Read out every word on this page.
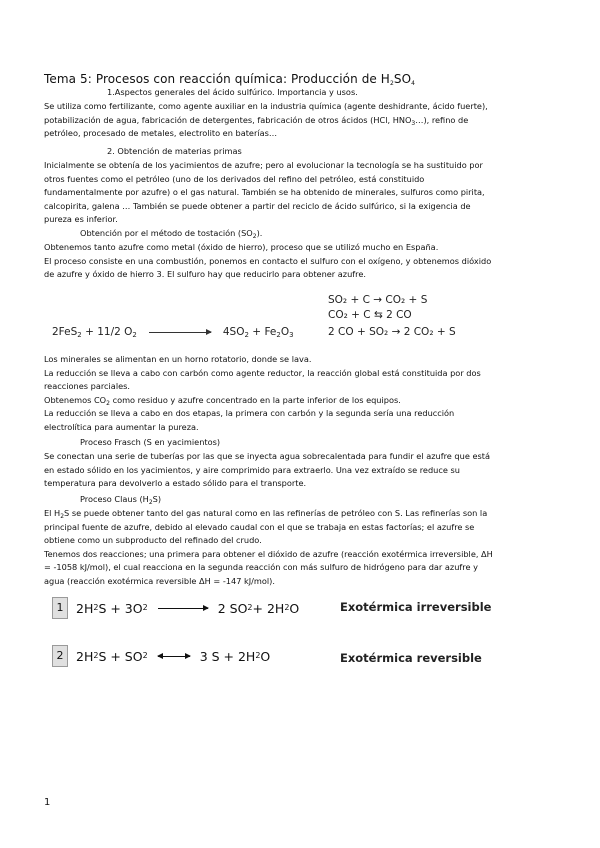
Tema 5: Procesos con reacción química: Producción de $H_2SO_4$
1.Aspectos generales del ácido sulfúrico. Importancia y usos.
Se utiliza como fertilizante, como agente auxiliar en la industria química (agente deshidrante, ácido fuerte),
potabilización de agua, fabricación de detergentes, fabricación de otros ácidos (HCl, $HNO_3\dots$), refino de
petróleo, procesado de metales, electrolito en baterías…
2. Obtención de materias primas
Inicialmente se obtenía de los yacimientos de azufre; pero al evolucionar la tecnología se ha sustituido por
otros fuentes como el petróleo (uno de los derivados del refino del petróleo, está constituido
fundamentalmente por azufre) o el gas natural. También se ha obtenido de minerales, sulfuros como pirita,
calcopirita, galena … También se puede obtener a partir del reciclo de ácido sulfúrico, si la exigencia de
pureza es inferior.
Obtención por el método de tostación $(SO_2)$.
Obtenemos tanto azufre como metal (óxido de hierro), proceso que se utilizó mucho en España.
El proceso consiste en una combustión, ponemos en contacto el sulfuro con el oxígeno, y obtenemos dióxido
de azufre y óxido de hierro 3. El sulfuro hay que reducirlo para obtener azufre.
SO₂ + C → CO₂ + S
CO₂ + C ⇆ 2 CO
2FeS$_2$ + 11/2 $O_2$	$4SO_2 + Fe_2O_3$	2 CO + SO₂ → 2 CO₂ + S
Los minerales se alimentan en un horno rotatorio, donde se lava.
La reducción se lleva a cabo con carbón como agente reductor, la reacción global está constituida por dos
reacciones parciales.
Obtenemos $CO_2$ como residuo y azufre concentrado en la parte inferior de los equipos.
La reducción se lleva a cabo en dos etapas, la primera con carbón y la segunda sería una reducción
electrolítica para aumentar la pureza.
Proceso Frasch (S en yacimientos)
Se conectan una serie de tuberías por las que se inyecta agua sobrecalentada para fundir el azufre que está
en estado sólido en los yacimientos, y aire comprimido para extraerlo. Una vez extraído se reduce su
temperatura para devolverlo a estado sólido para el transporte.
Proceso Claus $(H_2S)$
El $H_2S$ se puede obtener tanto del gas natural como en las refinerías de petróleo con S. Las refinerías son la
principal fuente de azufre, debido al elevado caudal con el que se trabaja en estas factorías; el azufre se
obtiene como un subproducto del refinado del crudo.
Tenemos dos reacciones; una primera para obtener el dióxido de azufre (reacción exotérmica irreversible, ΔH
= -1058 kJ/mol), el cual reacciona en la segunda reacción con más sulfuro de hidrógeno para dar azufre y
agua (reacción exotérmica reversible ΔH = -147 kJ/mol).
1	2H 2 S + 3O 2 → 2 SO 2 + 2H 2 O	Exotérmica irreversible
2	2H 2 S + SO 2	3 S + 2H 2 O	Exotérmica reversible
1
